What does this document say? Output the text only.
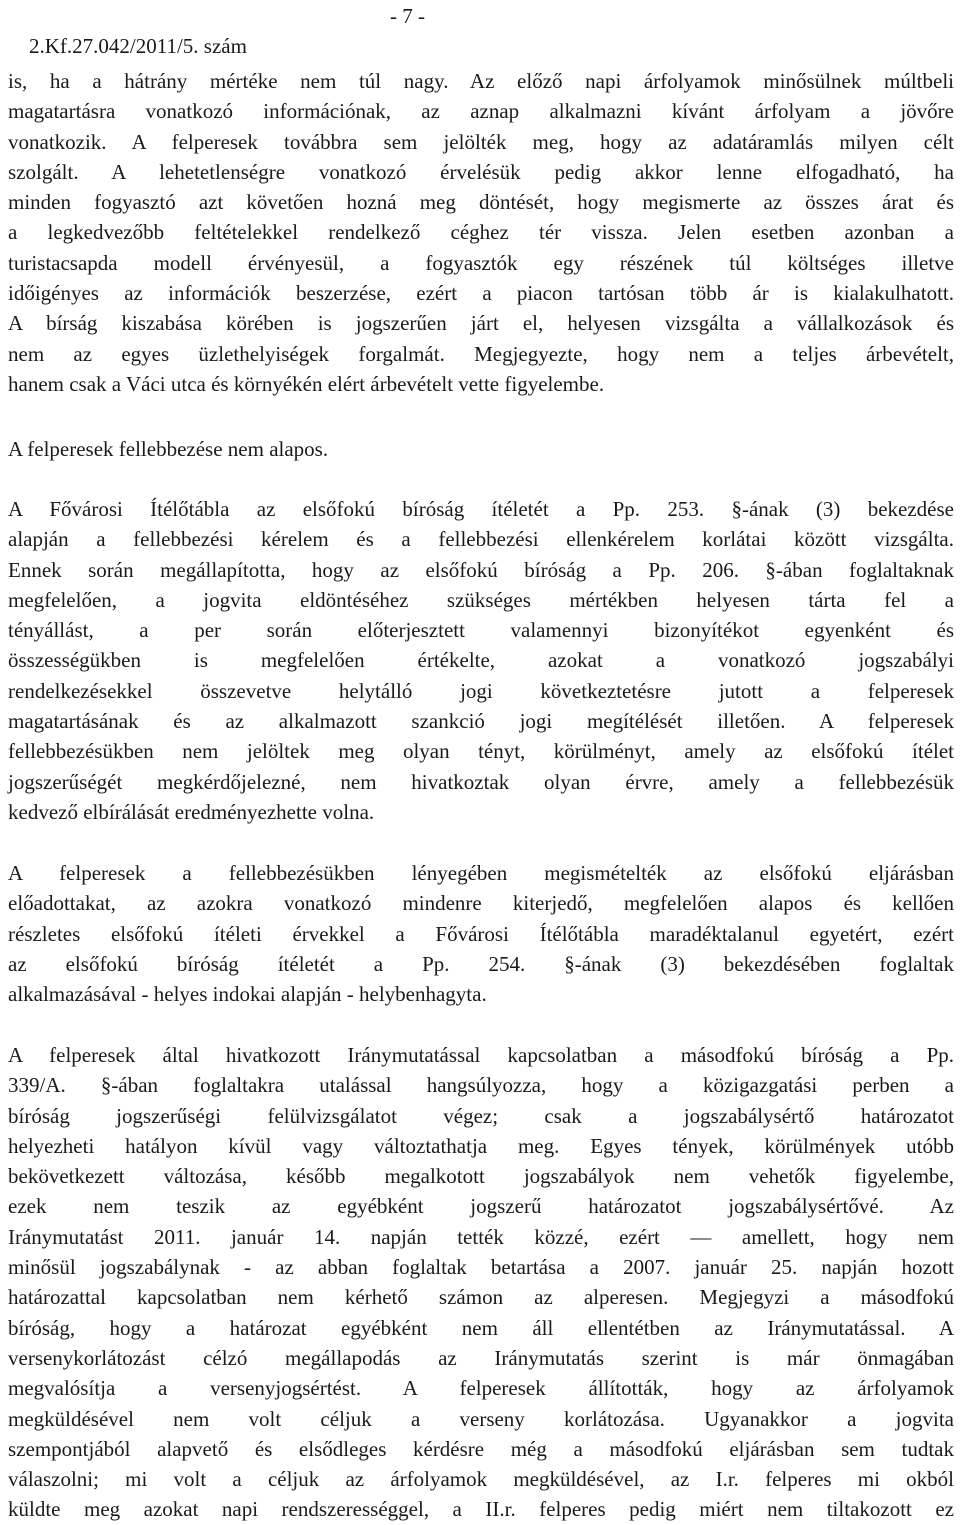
2.Kf.27.042/2011/5. szám

- 7 -

is, ha a hátrány mértéke nem túl nagy. Az előző napi árfolyamok minősülnek múltbeli
magatartásra vonatkozó információnak, az aznap alkalmazni kívánt árfolyam a jövőre
vonatkozik. A felperesek továbbra sem jelölték meg, hogy az adatáramlás milyen célt
szolgált. A lehetetlenségre vonatkozó érvelésük pedig akkor lenne elfogadható, ha
minden fogyasztó azt követően hozná meg döntését, hogy megismerte az összes árat és
a legkedvezőbb feltételekkel rendelkező céghez tér vissza. Jelen esetben azonban a
turistacsapda modell érvényesül, a fogyasztók egy részének túl költséges illetve
időigényes az információk beszerzése, ezért a piacon tartósan több ár is kialakulhatott.
A bírság kiszabása körében is jogszerűen járt el, helyesen vizsgálta a vállalkozások és
nem az egyes üzlethelyiségek forgalmát. Megjegyezte, hogy nem a teljes árbevételt,
hanem csak a Váci utca és környékén elért árbevételt vette figyelembe.
A felperesek fellebbezése nem alapos.
A Fővárosi Ítélőtábla az elsőfokú bíróság ítéletét a Pp. 253. §-ának (3) bekezdése
alapján a fellebbezési kérelem és a fellebbezési ellenkérelem korlátai között vizsgálta.
Ennek során megállapította, hogy az elsőfokú bíróság a Pp. 206. §-ában foglaltaknak
megfelelően, a jogvita eldöntéséhez szükséges mértékben helyesen tárta fel a
tényállást, a per során előterjesztett valamennyi bizonyítékot egyenként és
összességükben is megfelelően értékelte, azokat a vonatkozó jogszabályi
rendelkezésekkel összevetve helytálló jogi következtetésre jutott a felperesek
magatartásának és az alkalmazott szankció jogi megítélését illetően. A felperesek
fellebbezésükben nem jelöltek meg olyan tényt, körülményt, amely az elsőfokú ítélet
jogszerűségét megkérdőjelezné, nem hivatkoztak olyan érvre, amely a fellebbezésük
kedvező elbírálását eredményezhette volna.
A felperesek a fellebbezésükben lényegében megismételték az elsőfokú eljárásban
előadottakat, az azokra vonatkozó mindenre kiterjedő, megfelelően alapos és kellően
részletes elsőfokú ítéleti érvekkel a Fővárosi Ítélőtábla maradéktalanul egyetért, ezért
az elsőfokú bíróság ítéletét a Pp. 254. §-ának (3) bekezdésében foglaltak
alkalmazásával - helyes indokai alapján - helybenhagyta.
A felperesek által hivatkozott Iránymutatással kapcsolatban a másodfokú bíróság a Pp.
339/A. §-ában foglaltakra utalással hangsúlyozza, hogy a közigazgatási perben a
bíróság jogszerűségi felülvizsgálatot végez; csak a jogszabálysértő határozatot
helyezheti hatályon kívül vagy változtathatja meg. Egyes tények, körülmények utóbb
bekövetkezett változása, később megalkotott jogszabályok nem vehetők figyelembe,
ezek nem teszik az egyébként jogszerű határozatot jogszabálysértővé. Az
Iránymutatást 2011. január 14. napján tették közzé, ezért — amellett, hogy nem
minősül jogszabálynak - az abban foglaltak betartása a 2007. január 25. napján hozott
határozattal kapcsolatban nem kérhető számon az alperesen. Megjegyzi a másodfokú
bíróság, hogy a határozat egyébként nem áll ellentétben az Iránymutatással. A
versenykorlátozást célzó megállapodás az Iránymutatás szerint is már önmagában
megvalósítja a versenyjogsértést. A felperesek állították, hogy az árfolyamok
megküldésével nem volt céljuk a verseny korlátozása. Ugyanakkor a jogvita
szempontjából alapvető és elsődleges kérdésre még a másodfokú eljárásban sem tudtak
válaszolni; mi volt a céljuk az árfolyamok megküldésével, az I.r. felperes mi okból
küldte meg azokat napi rendszerességgel, a II.r. felperes pedig miért nem tiltakozott ez
